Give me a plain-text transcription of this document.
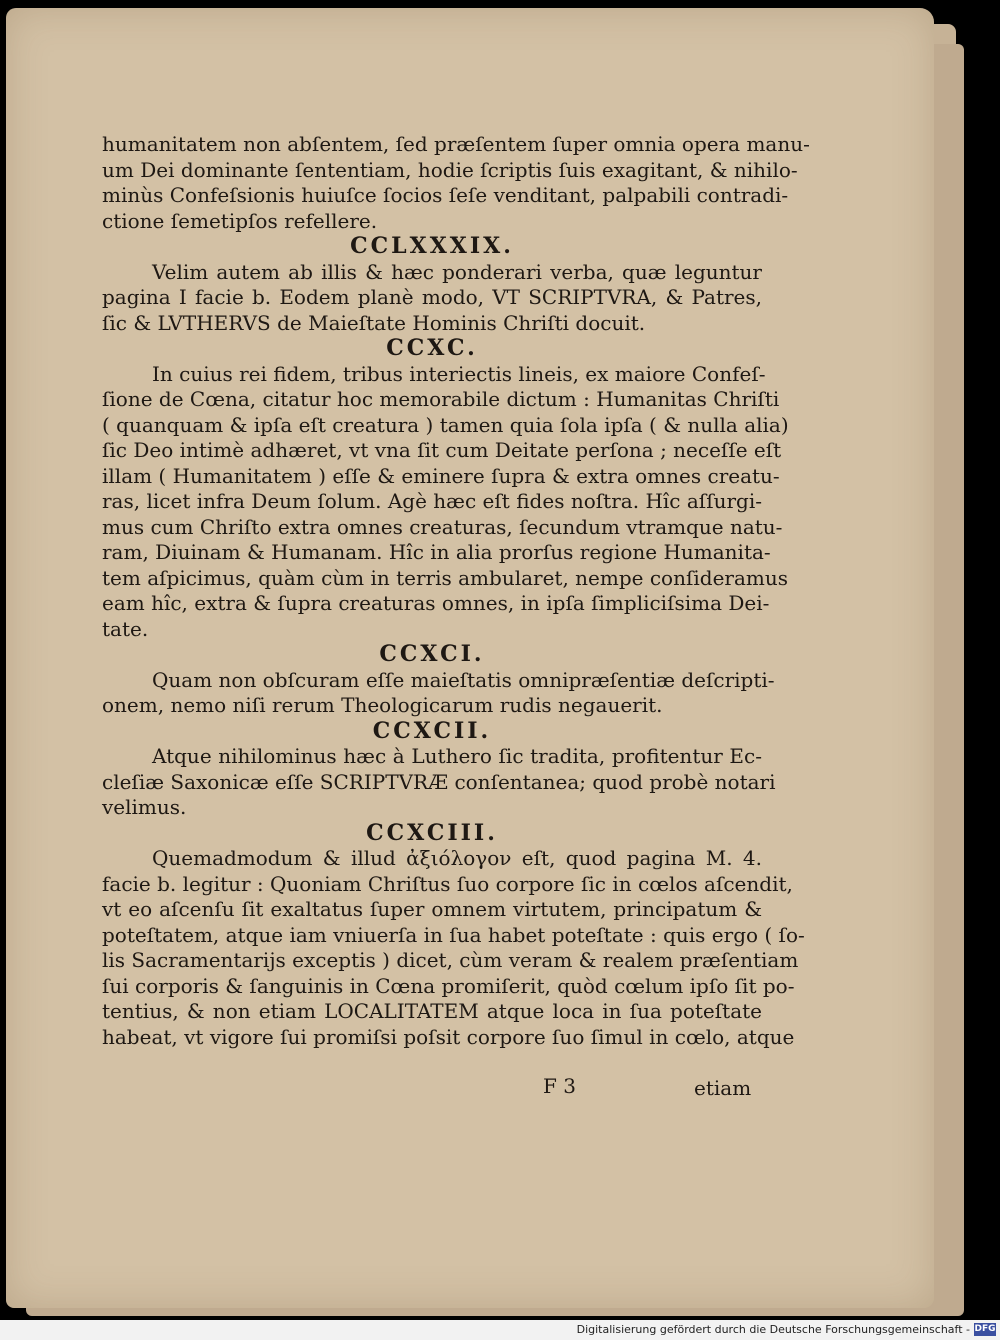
humanitatem non abſentem, ſed præſentem ſuper omnia opera manu-
um Dei dominante ſententiam, hodie ſcriptis ſuis exagitant, & nihilo-
minùs Confeſsionis huiuſce ſocios ſeſe venditant, palpabili contradi-
ctione ſemetipſos refellere.
CCLXXXIX.
Velim autem ab illis & hæc ponderari verba, quæ leguntur
pagina I facie b. Eodem planè modo, VT SCRIPTVRA, & Patres,
ſic & LVTHERVS de Maieſtate Hominis Chriſti docuit.
CCXC.
In cuius rei fidem, tribus interiectis lineis, ex maiore Confeſ-
ſione de Cœna, citatur hoc memorabile dictum : Humanitas Chriſti
( quanquam & ipſa eſt creatura ) tamen quia ſola ipſa ( & nulla alia)
ſic Deo intimè adhæret, vt vna ſit cum Deitate perſona ; neceſſe eſt
illam ( Humanitatem ) eſſe & eminere ſupra & extra omnes creatu-
ras, licet infra Deum ſolum. Agè hæc eſt fides noſtra. Hîc aſſurgi-
mus cum Chriſto extra omnes creaturas, ſecundum vtramque natu-
ram, Diuinam & Humanam. Hîc in alia prorſus regione Humanita-
tem aſpicimus, quàm cùm in terris ambularet, nempe conſideramus
eam hîc, extra & ſupra creaturas omnes, in ipſa ſimpliciſsima Dei-
tate.
CCXCI.
Quam non obſcuram eſſe maieſtatis omnipræſentiæ deſcripti-
onem, nemo niſi rerum Theologicarum rudis negauerit.
CCXCII.
Atque nihilominus hæc à Luthero ſic tradita, profitentur Ec-
cleſiæ Saxonicæ eſſe SCRIPTVRÆ conſentanea; quod probè notari
velimus.
CCXCIII.
Quemadmodum & illud ἀξιόλογον eſt, quod pagina M. 4.
facie b. legitur : Quoniam Chriſtus ſuo corpore ſic in cœlos aſcendit,
vt eo aſcenſu ſit exaltatus ſuper omnem virtutem, principatum &
poteſtatem, atque iam vniuerſa in ſua habet poteſtate : quis ergo ( ſo-
lis Sacramentarijs exceptis ) dicet, cùm veram & realem præſentiam
ſui corporis & ſanguinis in Cœna promiſerit, quòd cœlum ipſo ſit po-
tentius, & non etiam LOCALITATEM atque loca in ſua poteſtate
habeat, vt vigore ſui promiſsi poſsit corpore ſuo ſimul in cœlo, atque
F 3	etiam
Digitalisierung gefördert durch die Deutsche Forschungsgemeinschaft - DFG
